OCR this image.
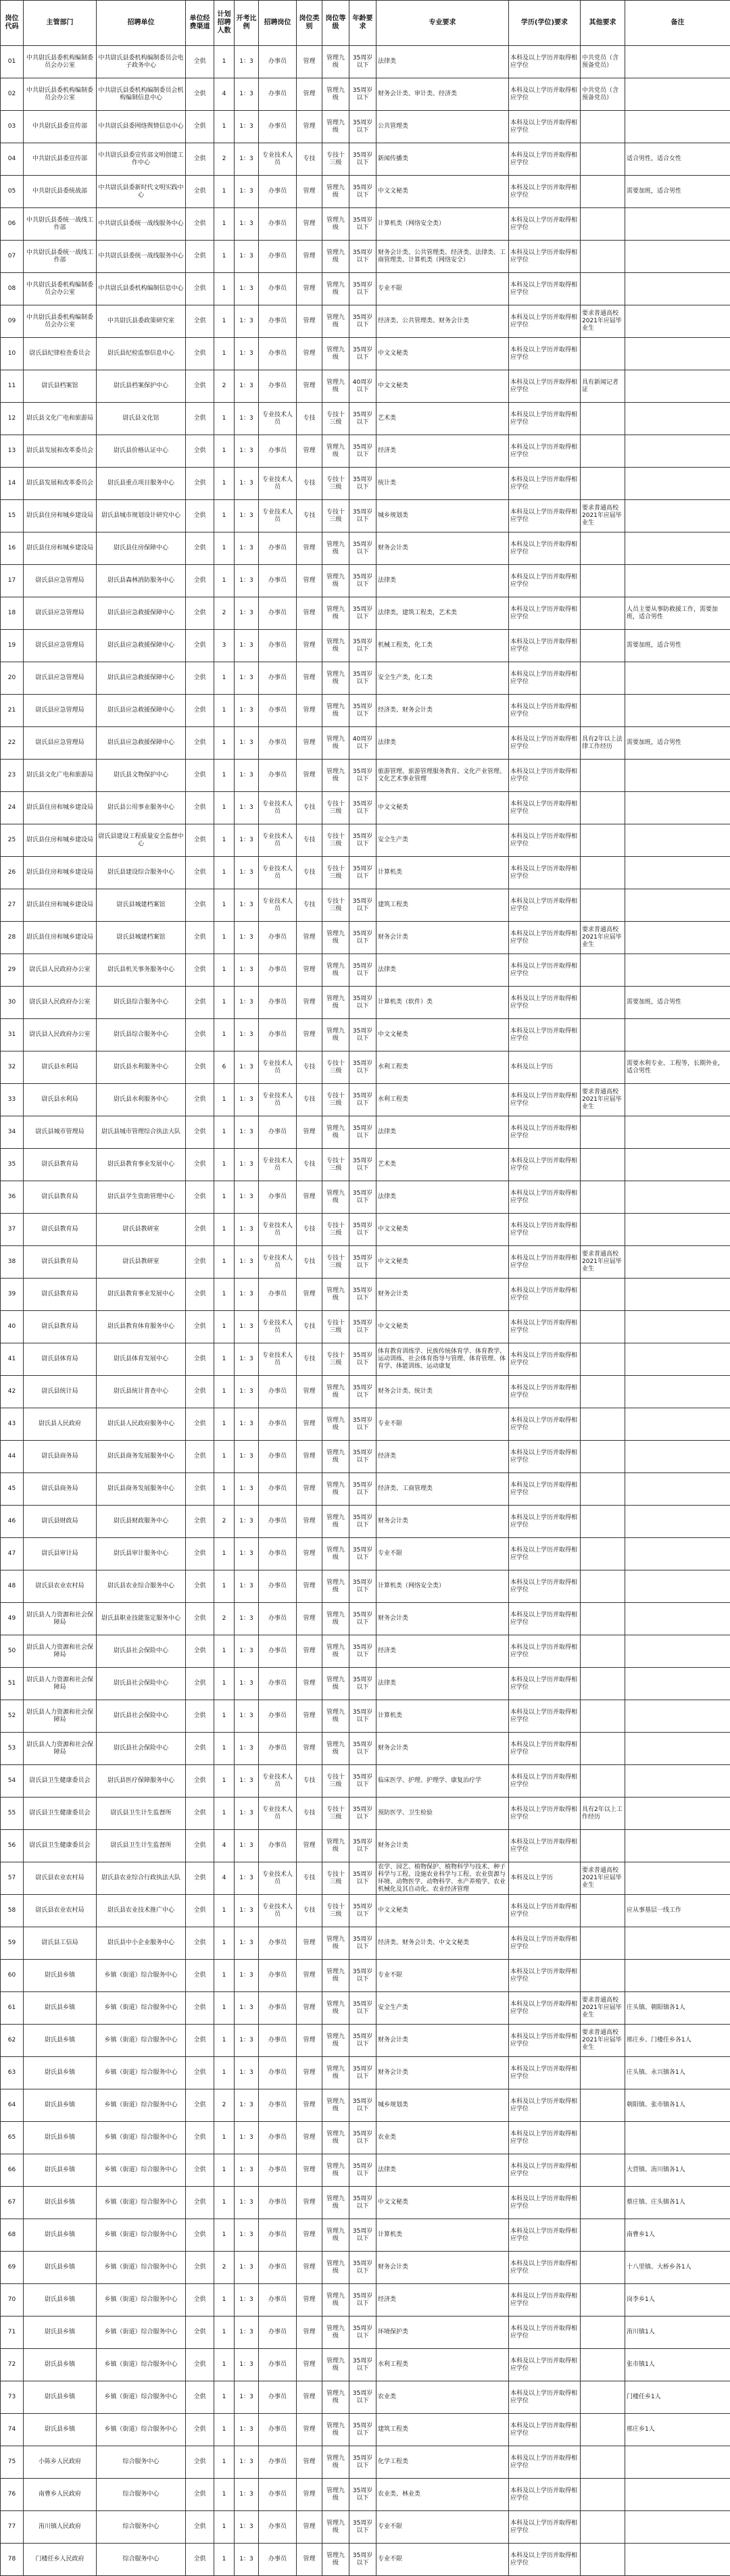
岗位代码	主管部门	招聘单位	单位经费渠道	计划招聘人数	开考比例	招聘岗位	岗位类别	岗位等级	年龄要求	专业要求	学历(学位)要求	其他要求	备注
01	中共尉氏县委机构编制委员会办公室	中共尉氏县委机构编制委员会电子政务中心	全供	1	1：3	办事员	管理	管理九级	35周岁以下	法律类	本科及以上学历并取得相应学位	中共党员（含预备党员）	
02	中共尉氏县委机构编制委员会办公室	中共尉氏县委机构编制委员会机构编制信息中心	全供	4	1：3	办事员	管理	管理九级	35周岁以下	财务会计类、审计类、经济类	本科及以上学历并取得相应学位	中共党员（含预备党员）	
03	中共尉氏县委宣传部	中共尉氏县委网络舆情信息中心	全供	1	1：3	办事员	管理	管理九级	35周岁以下	公共管理类	本科及以上学历并取得相应学位		
04	中共尉氏县委宣传部	中共尉氏县委宣传部文明创建工作中心	全供	2	1：3	专业技术人员	专技	专技十三级	35周岁以下	新闻传播类	本科及以上学历并取得相应学位		适合男性，适合女性
05	中共尉氏县委统战部	中共尉氏县委新时代文明实践中心	全供	1	1：3	办事员	管理	管理九级	35周岁以下	中文文秘类	本科及以上学历并取得相应学位		需要加班，适合男性
06	中共尉氏县委统一战线工作部	中共尉氏县委统一战线服务中心	全供	1	1：3	办事员	管理	管理九级	35周岁以下	计算机类（网络安全类）	本科及以上学历并取得相应学位		
07	中共尉氏县委统一战线工作部	中共尉氏县委统一战线服务中心	全供	1	1：3	办事员	管理	管理九级	35周岁以下	财务会计类、公共管理类、经济类、法律类、工商管理类、计算机类（网络安全）	本科及以上学历并取得相应学位		
08	中共尉氏县委机构编制委员会办公室	中共尉氏县委机构编制信息中心	全供	1	1：3	办事员	管理	管理九级	35周岁以下	专业不限	本科及以上学历并取得相应学位		
09	中共尉氏县委机构编制委员会办公室	中共尉氏县委政策研究室	全供	1	1：3	办事员	管理	管理九级	35周岁以下	经济类、公共管理类、财务会计类	本科及以上学历并取得相应学位	要求普通高校2021年应届毕业生	
10	尉氏县纪律检查委员会	尉氏县纪检监察信息中心	全供	1	1：3	办事员	管理	管理九级	35周岁以下	中文文秘类	本科及以上学历并取得相应学位		
11	尉氏县档案馆	尉氏县档案保护中心	全供	2	1：3	办事员	管理	管理九级	40周岁以下	中文文秘类	本科及以上学历并取得相应学位	具有新闻记者证	
12	尉氏县文化广电和旅游局	尉氏县文化馆	全供	1	1：3	专业技术人员	专技	专技十三级	35周岁以下	艺术类	本科及以上学历并取得相应学位		
13	尉氏县发展和改革委员会	尉氏县价格认证中心	全供	1	1：3	办事员	管理	管理九级	35周岁以下	经济类	本科及以上学历并取得相应学位		
14	尉氏县发展和改革委员会	尉氏县重点项目服务中心	全供	1	1：3	专业技术人员	专技	专技十三级	35周岁以下	统计类	本科及以上学历并取得相应学位		
15	尉氏县住房和城乡建设局	尉氏县城市规划设计研究中心	全供	1	1：3	专业技术人员	专技	专技十三级	35周岁以下	城乡规划类	本科及以上学历并取得相应学位	要求普通高校2021年应届毕业生	
16	尉氏县住房和城乡建设局	尉氏县住房保障中心	全供	1	1：3	办事员	管理	管理九级	35周岁以下	财务会计类	本科及以上学历并取得相应学位		
17	尉氏县应急管理局	尉氏县森林消防服务中心	全供	1	1：3	办事员	管理	管理九级	35周岁以下	法律类	本科及以上学历并取得相应学位		
18	尉氏县应急管理局	尉氏县应急救援保障中心	全供	2	1：3	办事员	管理	管理九级	35周岁以下	法律类，建筑工程类，艺术类	本科及以上学历并取得相应学位		人员主要从事防救援工作，需要加班，适合男性
19	尉氏县应急管理局	尉氏县应急救援保障中心	全供	3	1：3	办事员	管理	管理九级	35周岁以下	机械工程类，化工类	本科及以上学历并取得相应学位		需要加班，适合男性
20	尉氏县应急管理局	尉氏县应急救援保障中心	全供	1	1：3	办事员	管理	管理九级	35周岁以下	安全生产类，化工类	本科及以上学历并取得相应学位		
21	尉氏县应急管理局	尉氏县应急救援保障中心	全供	1	1：3	办事员	管理	管理九级	35周岁以下	经济类、财务会计类	本科及以上学历并取得相应学位		
22	尉氏县应急管理局	尉氏县应急救援保障中心	全供	1	1：3	办事员	管理	管理九级	40周岁以下	法律类	本科及以上学历并取得相应学位	具有2年以上法律工作经历	需要加班，适合男性
23	尉氏县文化广电和旅游局	尉氏县文物保护中心	全供	1	1：3	办事员	管理	管理九级	35周岁以下	旅游管理、旅游管理服务教育、文化产业管理、文化艺术事业管理	本科及以上学历并取得相应学位		
24	尉氏县住房和城乡建设局	尉氏县公用事业服务中心	全供	1	1：3	专业技术人员	专技	专技十三级	35周岁以下	中文文秘类	本科及以上学历并取得相应学位		
25	尉氏县住房和城乡建设局	尉氏县建设工程质量安全监督中心	全供	1	1：3	专业技术人员	专技	专技十三级	35周岁以下	安全生产类	本科及以上学历并取得相应学位		
26	尉氏县住房和城乡建设局	尉氏县建设综合服务中心	全供	1	1：3	专业技术人员	专技	专技十三级	35周岁以下	计算机类	本科及以上学历并取得相应学位		
27	尉氏县住房和城乡建设局	尉氏县城建档案馆	全供	1	1：3	专业技术人员	专技	专技十三级	35周岁以下	建筑工程类	本科及以上学历并取得相应学位		
28	尉氏县住房和城乡建设局	尉氏县城建档案馆	全供	1	1：3	办事员	管理	管理九级	35周岁以下	财务会计类	本科及以上学历并取得相应学位	要求普通高校2021年应届毕业生	
29	尉氏县人民政府办公室	尉氏县机关事务服务中心	全供	1	1：3	办事员	管理	管理九级	35周岁以下	法律类	本科及以上学历并取得相应学位		
30	尉氏县人民政府办公室	尉氏县综合服务中心	全供	1	1：3	办事员	管理	管理九级	35周岁以下	计算机类（软件）类	本科及以上学历并取得相应学位		需要加班，适合男性
31	尉氏县人民政府办公室	尉氏县综合服务中心	全供	1	1：3	办事员	管理	管理九级	35周岁以下	中文文秘类	本科及以上学历并取得相应学位		
32	尉氏县水利局	尉氏县水利服务中心	全供	6	1：3	专业技术人员	专技	专技十三级	35周岁以下	水利工程类	本科及以上学历		需要水利专业、工程等，长期外业，适合男性
33	尉氏县水利局	尉氏县水利服务中心	全供	1	1：3	专业技术人员	专技	专技十三级	35周岁以下	水利工程类	本科及以上学历并取得相应学位	要求普通高校2021年应届毕业生	
34	尉氏县城市管理局	尉氏县城市管理综合执法大队	全供	1	1：3	办事员	管理	管理九级	35周岁以下	法律类	本科及以上学历并取得相应学位		
35	尉氏县教育局	尉氏县教育事业发展中心	全供	1	1：3	专业技术人员	专技	专技十三级	35周岁以下	艺术类	本科及以上学历并取得相应学位		
36	尉氏县教育局	尉氏县学生资助管理中心	全供	1	1：3	办事员	管理	管理九级	35周岁以下	法律类	本科及以上学历并取得相应学位		
37	尉氏县教育局	尉氏县教研室	全供	1	1：3	专业技术人员	专技	专技十三级	35周岁以下	中文文秘类	本科及以上学历并取得相应学位		
38	尉氏县教育局	尉氏县教研室	全供	1	1：3	专业技术人员	专技	专技十三级	35周岁以下	中文文秘类	本科及以上学历并取得相应学位	要求普通高校2021年应届毕业生	
39	尉氏县教育局	尉氏县教育事业发展中心	全供	1	1：3	办事员	管理	管理九级	35周岁以下	财务会计类	本科及以上学历并取得相应学位		
40	尉氏县教育局	尉氏县教育体育服务中心	全供	1	1：3	专业技术人员	专技	专技十三级	35周岁以下	中文文秘类	本科及以上学历并取得相应学位		
41	尉氏县体育局	尉氏县体育发展中心	全供	1	1：3	专业技术人员	专技	专技十三级	35周岁以下	体育教育训练学、民族传统体育学、体育教学、运动训练、社会体育指导与管理、体育管理、体育学、体能训练、运动康复	本科及以上学历并取得相应学位		
42	尉氏县统计局	尉氏县统计普查中心	全供	1	1：3	办事员	管理	管理九级	35周岁以下	财务会计类、统计类	本科及以上学历并取得相应学位		
43	尉氏县人民政府	尉氏县人民政府服务中心	全供	1	1：3	办事员	管理	管理九级	35周岁以下	专业不限	本科及以上学历并取得相应学位		
44	尉氏县商务局	尉氏县商务发展服务中心	全供	1	1：3	办事员	管理	管理九级	35周岁以下	经济类	本科及以上学历并取得相应学位		
45	尉氏县商务局	尉氏县商务发展服务中心	全供	1	1：3	办事员	管理	管理九级	35周岁以下	经济类、工商管理类	本科及以上学历并取得相应学位		
46	尉氏县财政局	尉氏县财政服务中心	全供	2	1：3	办事员	管理	管理九级	35周岁以下	财务会计类	本科及以上学历并取得相应学位		
47	尉氏县审计局	尉氏县审计服务中心	全供	1	1：3	办事员	管理	管理九级	35周岁以下	专业不限	本科及以上学历并取得相应学位		
48	尉氏县农业农村局	尉氏县农业综合服务中心	全供	1	1：3	办事员	管理	管理九级	35周岁以下	计算机类（网络安全类）	本科及以上学历并取得相应学位		
49	尉氏县人力资源和社会保障局	尉氏县职业技能鉴定服务中心	全供	2	1：3	办事员	管理	管理九级	35周岁以下	财务会计类	本科及以上学历并取得相应学位		
50	尉氏县人力资源和社会保障局	尉氏县社会保险中心	全供	1	1：3	办事员	管理	管理九级	35周岁以下	经济类	本科及以上学历并取得相应学位		
51	尉氏县人力资源和社会保障局	尉氏县社会保险中心	全供	1	1：3	办事员	管理	管理九级	35周岁以下	法律类	本科及以上学历并取得相应学位		
52	尉氏县人力资源和社会保障局	尉氏县社会保险中心	全供	1	1：3	办事员	管理	管理九级	35周岁以下	计算机类	本科及以上学历并取得相应学位		
53	尉氏县人力资源和社会保障局	尉氏县社会保险中心	全供	1	1：3	办事员	管理	管理九级	35周岁以下	财务会计类	本科及以上学历并取得相应学位		
54	尉氏县卫生健康委员会	尉氏县医疗保障服务中心	全供	1	1：3	专业技术人员	专技	专技十三级	35周岁以下	临床医学、护理、护理学、康复治疗学	本科及以上学历并取得相应学位		
55	尉氏县卫生健康委员会	尉氏县卫生计生监督所	全供	1	1：3	专业技术人员	专技	专技十三级	35周岁以下	预防医学、卫生检验	本科及以上学历并取得相应学位	具有2年以上工作经历	
56	尉氏县卫生健康委员会	尉氏县卫生计生监督所	全供	4	1：3	办事员	管理	管理九级	35周岁以下	财务会计类	本科及以上学历并取得相应学位		
57	尉氏县农业农村局	尉氏县农业综合行政执法大队	全供	4	1：3	专业技术人员	专技	专技十三级	35周岁以下	农学、园艺、植物保护、植物科学与技术、种子科学与工程、设施农业科学与工程、农业资源与环境、动物医学、动物科学、水产养殖学、农业机械化及其自动化、农业经济管理	本科及以上学历	要求普通高校2021年应届毕业生	
58	尉氏县农业农村局	尉氏县农业技术推广中心	全供	1	1：3	专业技术人员	专技	专技十三级	35周岁以下	中文文秘类	本科及以上学历并取得相应学位		应从事基层一线工作
59	尉氏县工信局	尉氏县中小企业服务中心	全供	1	1：3	办事员	管理	管理九级	35周岁以下	经济类、财务会计类、中文文秘类	本科及以上学历并取得相应学位		
60	尉氏县乡镇	乡镇（街道）综合服务中心	全供	1	1：3	办事员	管理	管理九级	35周岁以下	专业不限	本科及以上学历并取得相应学位		
61	尉氏县乡镇	乡镇（街道）综合服务中心	全供	1	1：3	办事员	管理	管理九级	35周岁以下	安全生产类	本科及以上学历并取得相应学位	要求普通高校2021年应届毕业生	庄头镇、朝阳镇各1人
62	尉氏县乡镇	乡镇（街道）综合服务中心	全供	1	1：3	办事员	管理	管理九级	35周岁以下	财务会计类	本科及以上学历并取得相应学位	要求普通高校2021年应届毕业生	邢庄乡、门楼任乡各1人
63	尉氏县乡镇	乡镇（街道）综合服务中心	全供	1	1：3	办事员	管理	管理九级	35周岁以下	财务会计类	本科及以上学历并取得相应学位		庄头镇、永兴镇各1人
64	尉氏县乡镇	乡镇（街道）综合服务中心	全供	2	1：3	办事员	管理	管理九级	35周岁以下	城乡规划类	本科及以上学历并取得相应学位		朝阳镇、张市镇各1人
65	尉氏县乡镇	乡镇（街道）综合服务中心	全供	1	1：3	办事员	管理	管理九级	35周岁以下	农业类	本科及以上学历并取得相应学位		
66	尉氏县乡镇	乡镇（街道）综合服务中心	全供	1	1：3	办事员	管理	管理九级	35周岁以下	法律类	本科及以上学历并取得相应学位		大营镇、洧川镇各1人
67	尉氏县乡镇	乡镇（街道）综合服务中心	全供	1	1：3	办事员	管理	管理九级	35周岁以下	中文文秘类	本科及以上学历并取得相应学位		蔡庄镇、庄头镇各1人
68	尉氏县乡镇	乡镇（街道）综合服务中心	全供	1	1：3	办事员	管理	管理九级	35周岁以下	计算机类	本科及以上学历并取得相应学位		南曹乡1人
69	尉氏县乡镇	乡镇（街道）综合服务中心	全供	2	1：3	办事员	管理	管理九级	35周岁以下	财务会计类	本科及以上学历并取得相应学位		十八里镇、大桥乡各1人
70	尉氏县乡镇	乡镇（街道）综合服务中心	全供	1	1：3	办事员	管理	管理九级	35周岁以下	经济类	本科及以上学历并取得相应学位		岗李乡1人
71	尉氏县乡镇	乡镇（街道）综合服务中心	全供	1	1：3	办事员	管理	管理九级	35周岁以下	环境保护类	本科及以上学历并取得相应学位		洧川镇1人
72	尉氏县乡镇	乡镇（街道）综合服务中心	全供	1	1：3	办事员	管理	管理九级	35周岁以下	水利工程类	本科及以上学历并取得相应学位		张市镇1人
73	尉氏县乡镇	乡镇（街道）综合服务中心	全供	1	1：3	办事员	管理	管理九级	35周岁以下	农业类	本科及以上学历并取得相应学位		门楼任乡1人
74	尉氏县乡镇	乡镇（街道）综合服务中心	全供	1	1：3	办事员	管理	管理九级	35周岁以下	建筑工程类	本科及以上学历并取得相应学位		邢庄乡1人
75	小陈乡人民政府	综合服务中心	全供	1	1：3	办事员	管理	管理九级	35周岁以下	化学工程类	本科及以上学历并取得相应学位		
76	南曹乡人民政府	综合服务中心	全供	1	1：3	办事员	管理	管理九级	35周岁以下	农业类、林业类	本科及以上学历并取得相应学位		
77	洧川镇人民政府	综合服务中心	全供	1	1：3	办事员	管理	管理九级	35周岁以下	专业不限	本科及以上学历并取得相应学位		
78	门楼任乡人民政府	综合服务中心	全供	1	1：3	办事员	管理	管理九级	35周岁以下	专业不限	本科及以上学历并取得相应学位		
